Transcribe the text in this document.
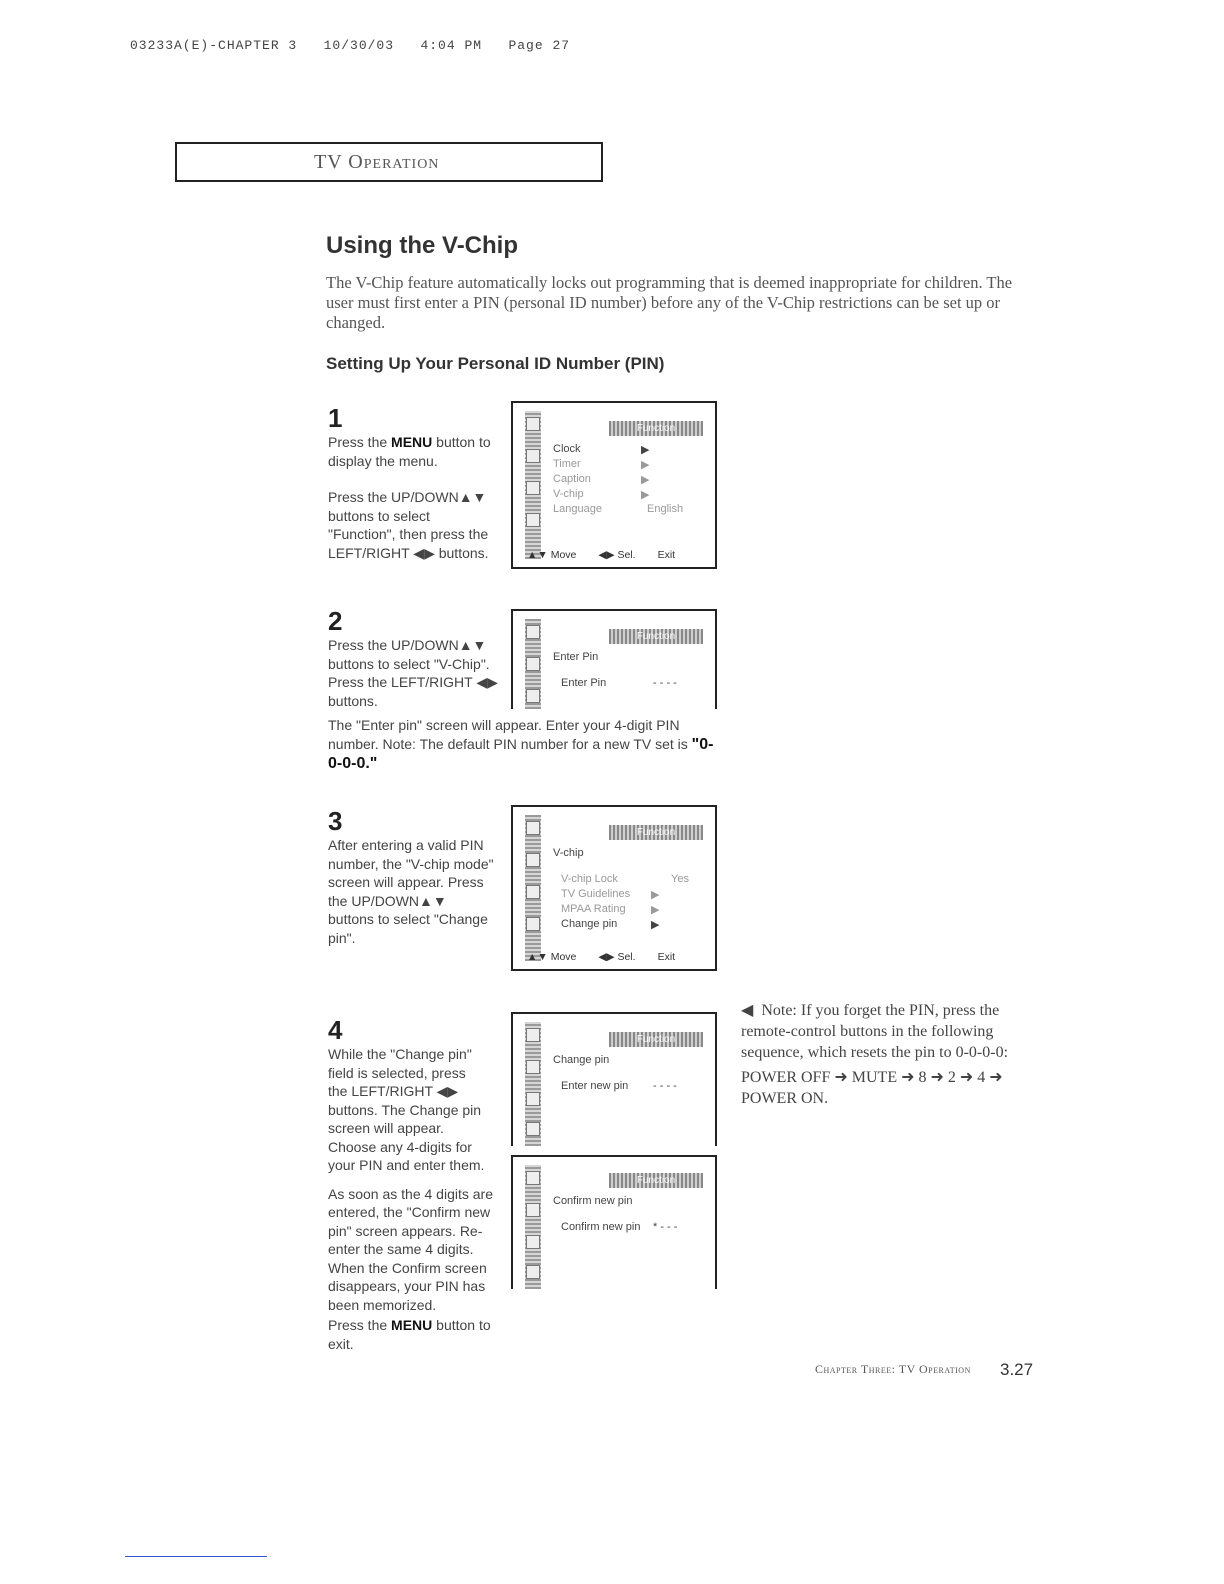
03233A(E)-CHAPTER 3   10/30/03   4:04 PM   Page 27
TV Operation
Using the V-Chip
The V-Chip feature automatically locks out programming that is deemed inappropriate for children. The user must first enter a PIN (personal ID number) before any of the V-Chip restrictions can be set up or changed.
Setting Up Your Personal ID Number (PIN)
1
Press the MENU button to display the menu.
Press the UP/DOWN▲▼ buttons to select "Function", then press the LEFT/RIGHT ◀▶ buttons.
Function
Clock	▶
Timer	▶
Caption	▶
V-chip	▶
Language	English
▲▼ Move ◀▶ Sel. Exit
2
Press the UP/DOWN▲▼ buttons to select "V-Chip". Press the LEFT/RIGHT ◀▶ buttons.
The "Enter pin" screen will appear. Enter your 4-digit PIN number. Note: The default PIN number for a new TV set is "0-0-0-0."
Function
Enter Pin
Enter Pin	- - - -
3
After entering a valid PIN number, the "V-chip mode" screen will appear. Press the UP/DOWN▲▼ buttons to select "Change pin".
Function
V-chip
V-chip Lock	Yes
TV Guidelines ▶
MPAA Rating ▶
Change pin	▶
▲▼ Move ◀▶ Sel. Exit
4
While the "Change pin" field is selected, press the LEFT/RIGHT ◀▶ buttons. The Change pin screen will appear. Choose any 4-digits for your PIN and enter them.
As soon as the 4 digits are entered, the "Confirm new pin" screen appears. Re-enter the same 4 digits. When the Confirm screen disappears, your PIN has been memorized.
Press the MENU button to exit.
Function
Change pin
Enter new pin - - - -
Function
Confirm new pin
Confirm new pin * - - -
◀ Note: If you forget the PIN, press the remote-control buttons in the following sequence, which resets the pin to 0-0-0-0:
POWER OFF ➜ MUTE ➜ 8 ➜ 2 ➜ 4 ➜ POWER ON.
Chapter Three: TV Operation 3.27
